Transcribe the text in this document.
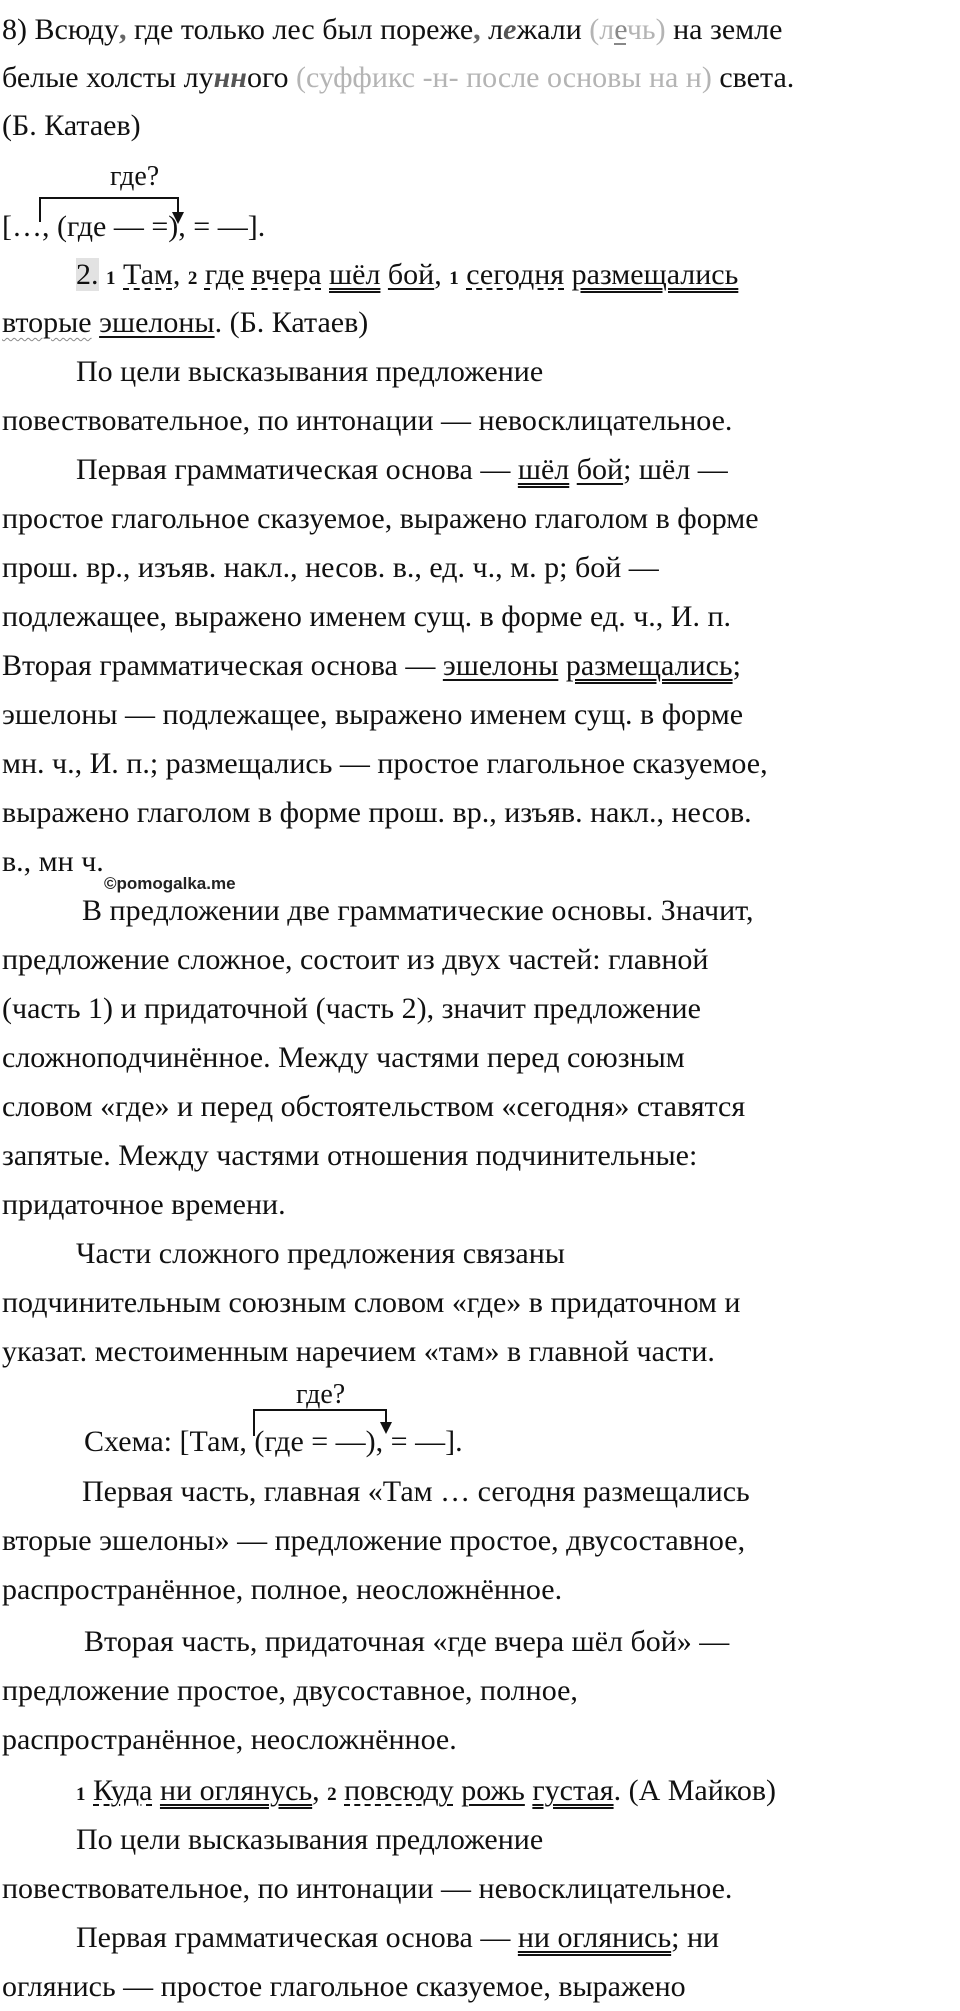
8) Всюду, где только лес был пореже, лежали (лечь) на земле
белые холсты лунного (суффикс -н- после основы на н) света.
(Б. Катаев)
где?
[…, (где — =), = —].
2. 1 Там, 2 где вчера шёл бой, 1 сегодня размещались
вторые эшелоны. (Б. Катаев)
По цели высказывания предложение
повествовательное, по интонации — невосклицательное.
Первая грамматическая основа — шёл бой; шёл —
простое глагольное сказуемое, выражено глаголом в форме
прош. вр., изъяв. накл., несов. в., ед. ч., м. р; бой —
подлежащее, выражено именем сущ. в форме ед. ч., И. п.
Вторая грамматическая основа — эшелоны размещались;
эшелоны — подлежащее, выражено именем сущ. в форме
мн. ч., И. п.; размещались — простое глагольное сказуемое,
выражено глаголом в форме прош. вр., изъяв. накл., несов.
в., мн ч.
©pomogalka.me
В предложении две грамматические основы. Значит,
предложение сложное, состоит из двух частей: главной
(часть 1) и придаточной (часть 2), значит предложение
сложноподчинённое. Между частями перед союзным
словом «где» и перед обстоятельством «сегодня» ставятся
запятые. Между частями отношения подчинительные:
придаточное времени.
Части сложного предложения связаны
подчинительным союзным словом «где» в придаточном и
указат. местоименным наречием «там» в главной части.
где?
Схема: [Там, (где = —), = —].
Первая часть, главная «Там … сегодня размещались
вторые эшелоны» — предложение простое, двусоставное,
распространённое, полное, неосложнённое.
Вторая часть, придаточная «где вчера шёл бой» —
предложение простое, двусоставное, полное,
распространённое, неосложнённое.
1 Куда ни оглянусь, 2 повсюду рожь густая. (А Майков)
По цели высказывания предложение
повествовательное, по интонации — невосклицательное.
Первая грамматическая основа — ни оглянись; ни
оглянись — простое глагольное сказуемое, выражено
